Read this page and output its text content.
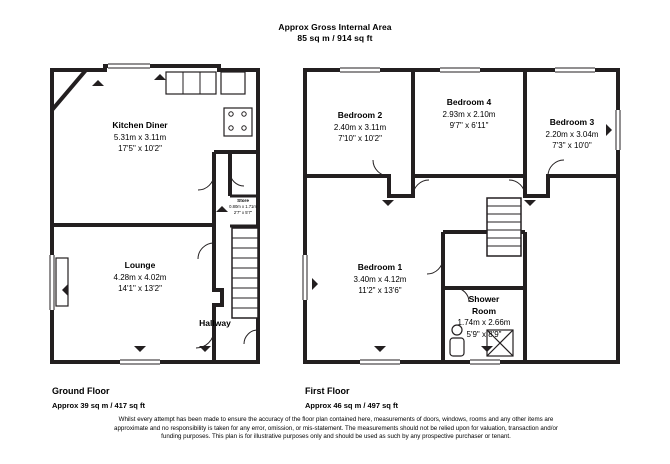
Approx Gross Internal Area
85 sq m / 914 sq ft
Kitchen Diner
5.31m x 3.11m
17'5" x 10'2"
Lounge
4.28m x 4.02m
14'1" x 13'2"
Hallway
Store
0.80m x 1.71m
2'7" x 5'7"
Bedroom 2
2.40m x 3.11m
7'10" x 10'2"
Bedroom 4
2.93m x 2.10m
9'7" x 6'11"	Bedroom 3
2.20m x 3.04m
7'3" x 10'0"
Bedroom 1
3.40m x 4.12m
11'2" x 13'6"
Shower
Room
1.74m x 2.66m
5'9" x 8'9"
Ground Floor
Approx 39 sq m / 417 sq ft
First Floor
Approx 46 sq m / 497 sq ft
Whilst every attempt has been made to ensure the accuracy of the floor plan contained here, measurements of doors, windows, rooms and any other items are approximate and no responsibility is taken for any error, omission, or mis-statement. The measurements should not be relied upon for valuation, transaction and/or funding purposes. This plan is for illustrative purposes only and should be used as such by any prospective purchaser or tenant.
